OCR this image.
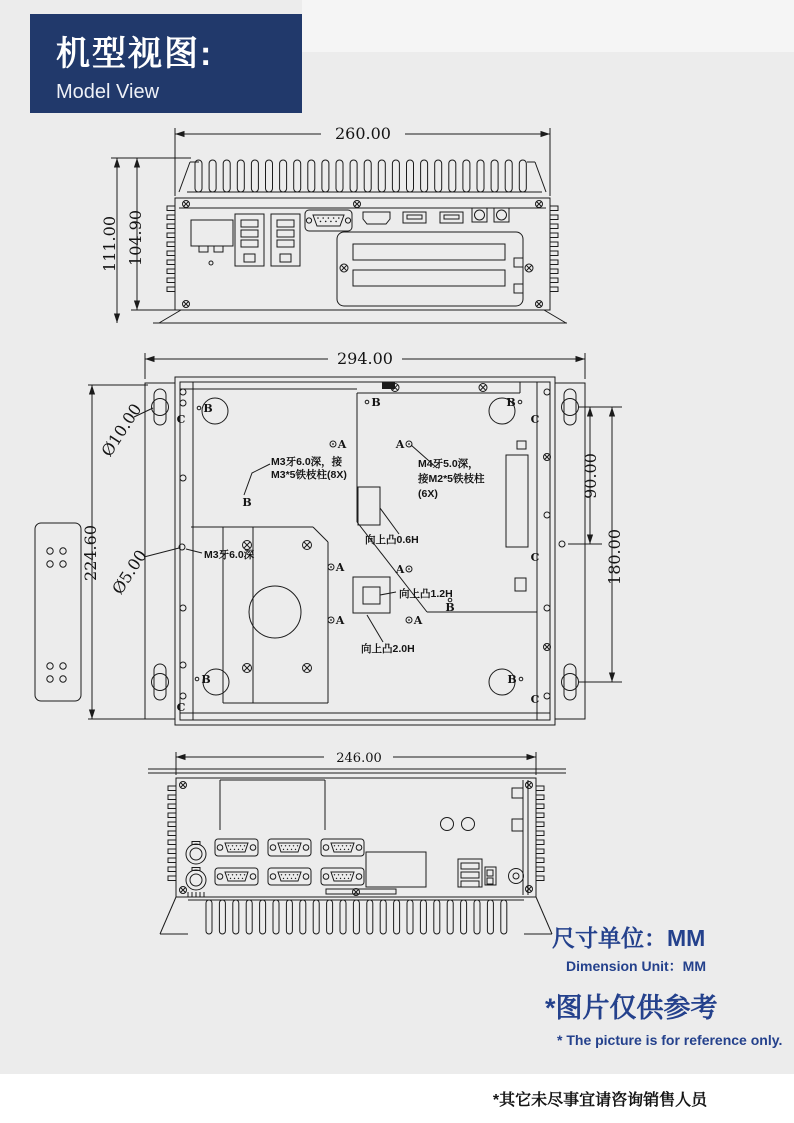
机型视图:
Model View
260.00
111.00 104.90
294.00
224.60
Ø10.00
Ø5.00
90.00
180.00
M3牙6.0深，接
M3*5铁枝柱(8X)
M4牙5.0深，
接M2*5铁枝柱
(6X)
M3牙6.0深
向上凸0.6H
向上凸1.2H
向上凸2.0H
B	B
B	B
B
B
B
A	A
A
A
A	A
C
C
C
C
C
246.00
尺寸单位：MM
Dimension Unit：MM
*图片仅供参考
* The picture is for reference only.
*其它未尽事宜请咨询销售人员
